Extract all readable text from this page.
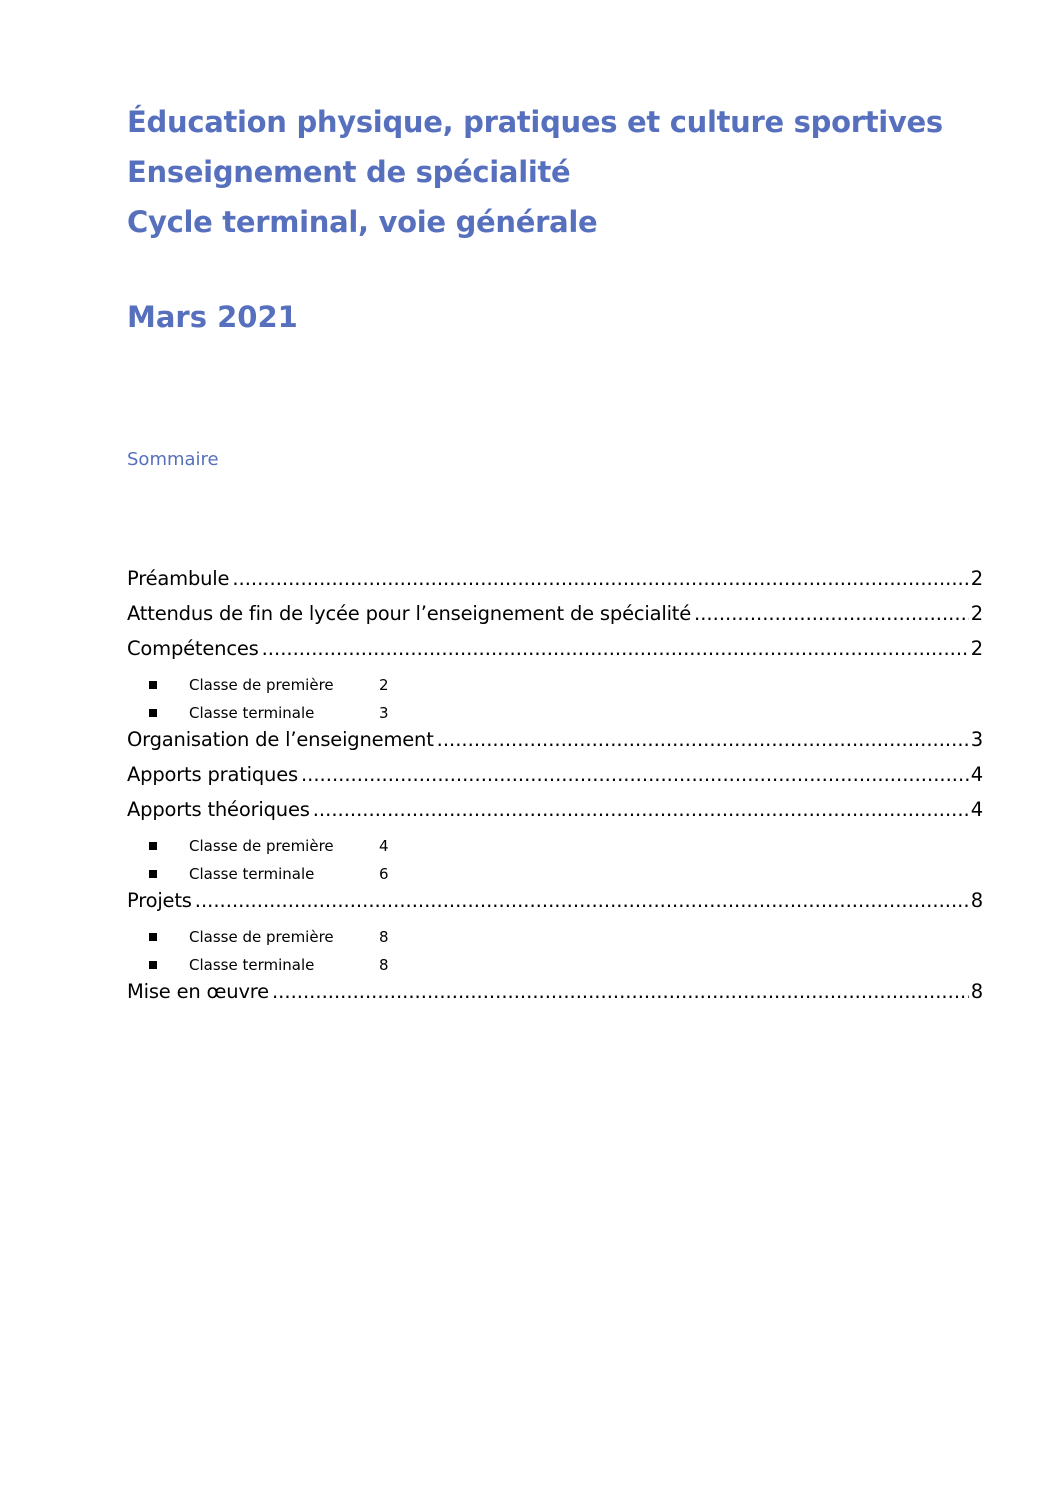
Éducation physique, pratiques et culture sportives
Enseignement de spécialité
Cycle terminal, voie générale
Mars 2021
Sommaire
Préambule .....	2
Attendus de fin de lycée pour l’enseignement de spécialité .....	2
Compétences .....	2
Classe de première	2
Classe terminale	3
Organisation de l’enseignement .....	3
Apports pratiques .....	4
Apports théoriques .....	4
Classe de première	4
Classe terminale	6
Projets .....	8
Classe de première	8
Classe terminale	8
Mise en œuvre .....	8
